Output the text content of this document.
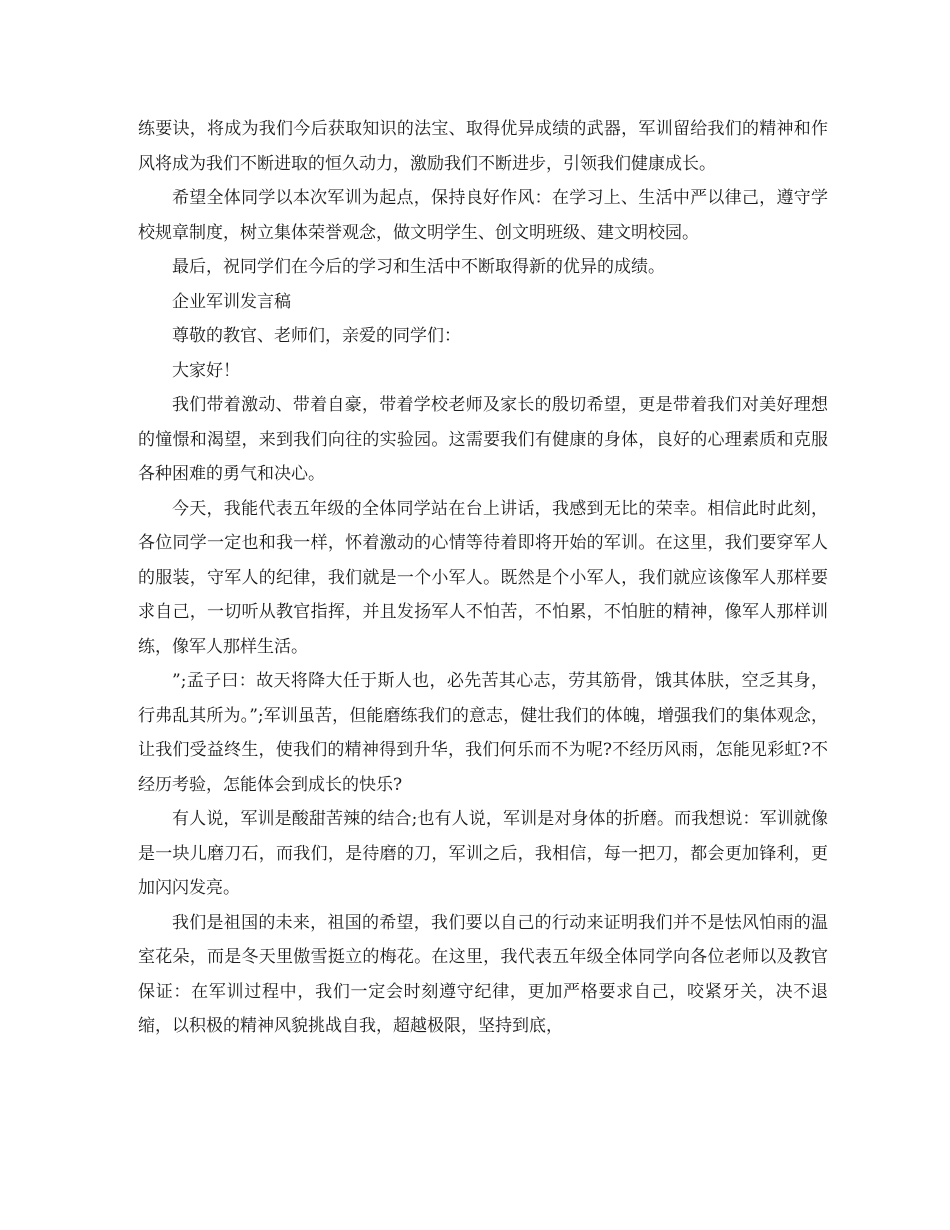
练要诀，将成为我们今后获取知识的法宝、取得优异成绩的武器，军训留给我们的精神和作风将成为我们不断进取的恒久动力，激励我们不断进步，引领我们健康成长。

希望全体同学以本次军训为起点，保持良好作风：在学习上、生活中严以律己，遵守学校规章制度，树立集体荣誉观念，做文明学生、创文明班级、建文明校园。

最后，祝同学们在今后的学习和生活中不断取得新的优异的成绩。

企业军训发言稿

尊敬的教官、老师们，亲爱的同学们：

大家好！

我们带着激动、带着自豪，带着学校老师及家长的殷切希望，更是带着我们对美好理想的憧憬和渴望，来到我们向往的实验园。这需要我们有健康的身体，良好的心理素质和克服各种困难的勇气和决心。

今天，我能代表五年级的全体同学站在台上讲话，我感到无比的荣幸。相信此时此刻，各位同学一定也和我一样，怀着激动的心情等待着即将开始的军训。在这里，我们要穿军人的服装，守军人的纪律，我们就是一个小军人。既然是个小军人，我们就应该像军人那样要求自己，一切听从教官指挥，并且发扬军人不怕苦，不怕累，不怕脏的精神，像军人那样训练，像军人那样生活。

”;孟子曰：故天将降大任于斯人也，必先苦其心志，劳其筋骨，饿其体肤，空乏其身，行弗乱其所为。”;军训虽苦，但能磨练我们的意志，健壮我们的体魄，增强我们的集体观念，让我们受益终生，使我们的精神得到升华，我们何乐而不为呢?不经历风雨，怎能见彩虹?不经历考验，怎能体会到成长的快乐?

有人说，军训是酸甜苦辣的结合;也有人说，军训是对身体的折磨。而我想说：军训就像是一块儿磨刀石，而我们，是待磨的刀，军训之后，我相信，每一把刀，都会更加锋利，更加闪闪发亮。

我们是祖国的未来，祖国的希望，我们要以自己的行动来证明我们并不是怯风怕雨的温室花朵，而是冬天里傲雪挺立的梅花。在这里，我代表五年级全体同学向各位老师以及教官保证：在军训过程中，我们一定会时刻遵守纪律，更加严格要求自己，咬紧牙关，决不退缩，以积极的精神风貌挑战自我，超越极限，坚持到底，
